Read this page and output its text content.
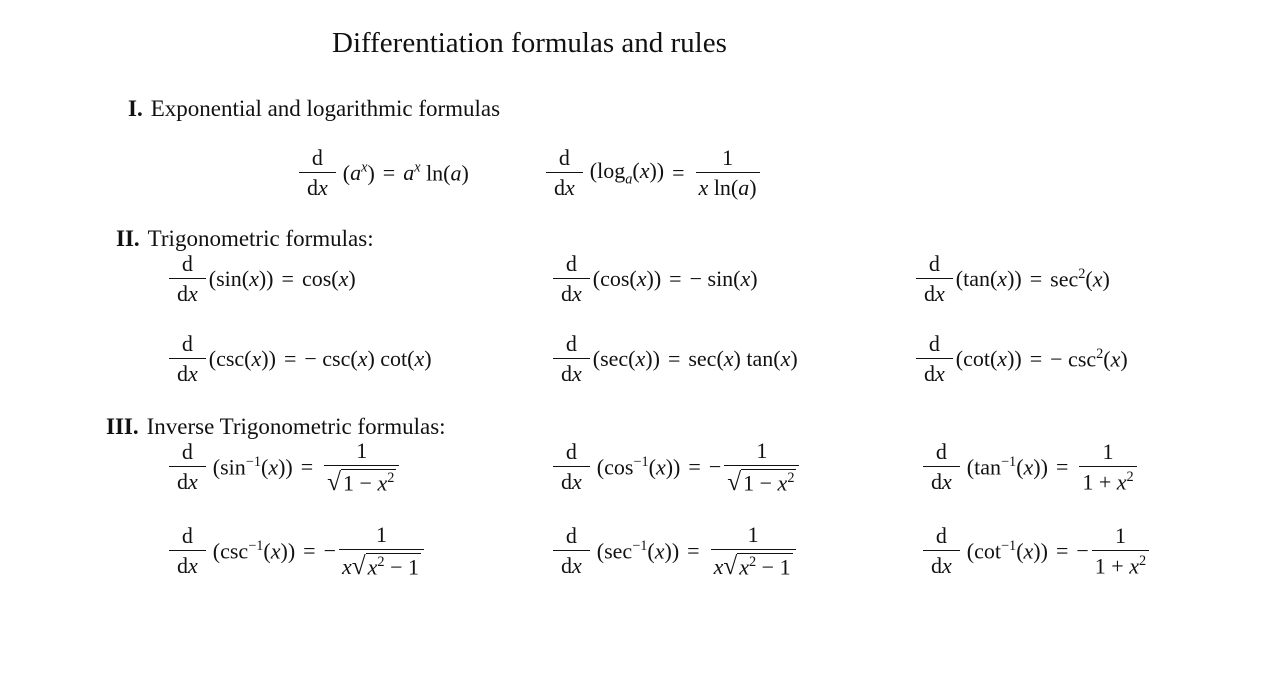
Differentiation formulas and rules
I. Exponential and logarithmic formulas
$\frac{d}{dx} (a^x) = a^x$ ln(a)	$\frac{d}{dx} (\log_a(x)) = \frac{1}{\text{x ln(a)}}$
II. Trigonometric formulas:
$\frac{d}{dx} (\sin(x)) = \cos(x)$	$\frac{d}{dx} (\cos(x))$ = − sin(x)	$\frac{d}{dx} (\tan(x)) = \sec^2(x)$
$\frac{d}{dx} (\csc(x))$ = − csc(x) cot(x)	$\frac{d}{dx} (\sec(x)) = \sec(x)$ tan(x)	$\frac{d}{dx} (\cot(x))$ = − $\csc^2(x)$
III. Inverse Trigonometric formulas:
$\frac{d}{dx} (\sin^{-1}(x)) = \frac{1}{√ 1 - x^2}$	$\frac{d}{dx} (\cos^{-1}(x))$ = − $\frac{1}{√ 1 - x^2}$	$\frac{d}{dx} (\tan^{-1}(x)) = \frac{1}{1 + x^2}$
$\frac{d}{dx} (\csc^{-1}(x))$ = − $\frac{1}{x √ x^2 - 1}$	$\frac{d}{dx} (\sec^{-1}(x)) = \frac{1}{x √ x^2 - 1}$	$\frac{d}{dx} (\cot^{-1}(x))$ = − $\frac{1}{1 + x^2}$
